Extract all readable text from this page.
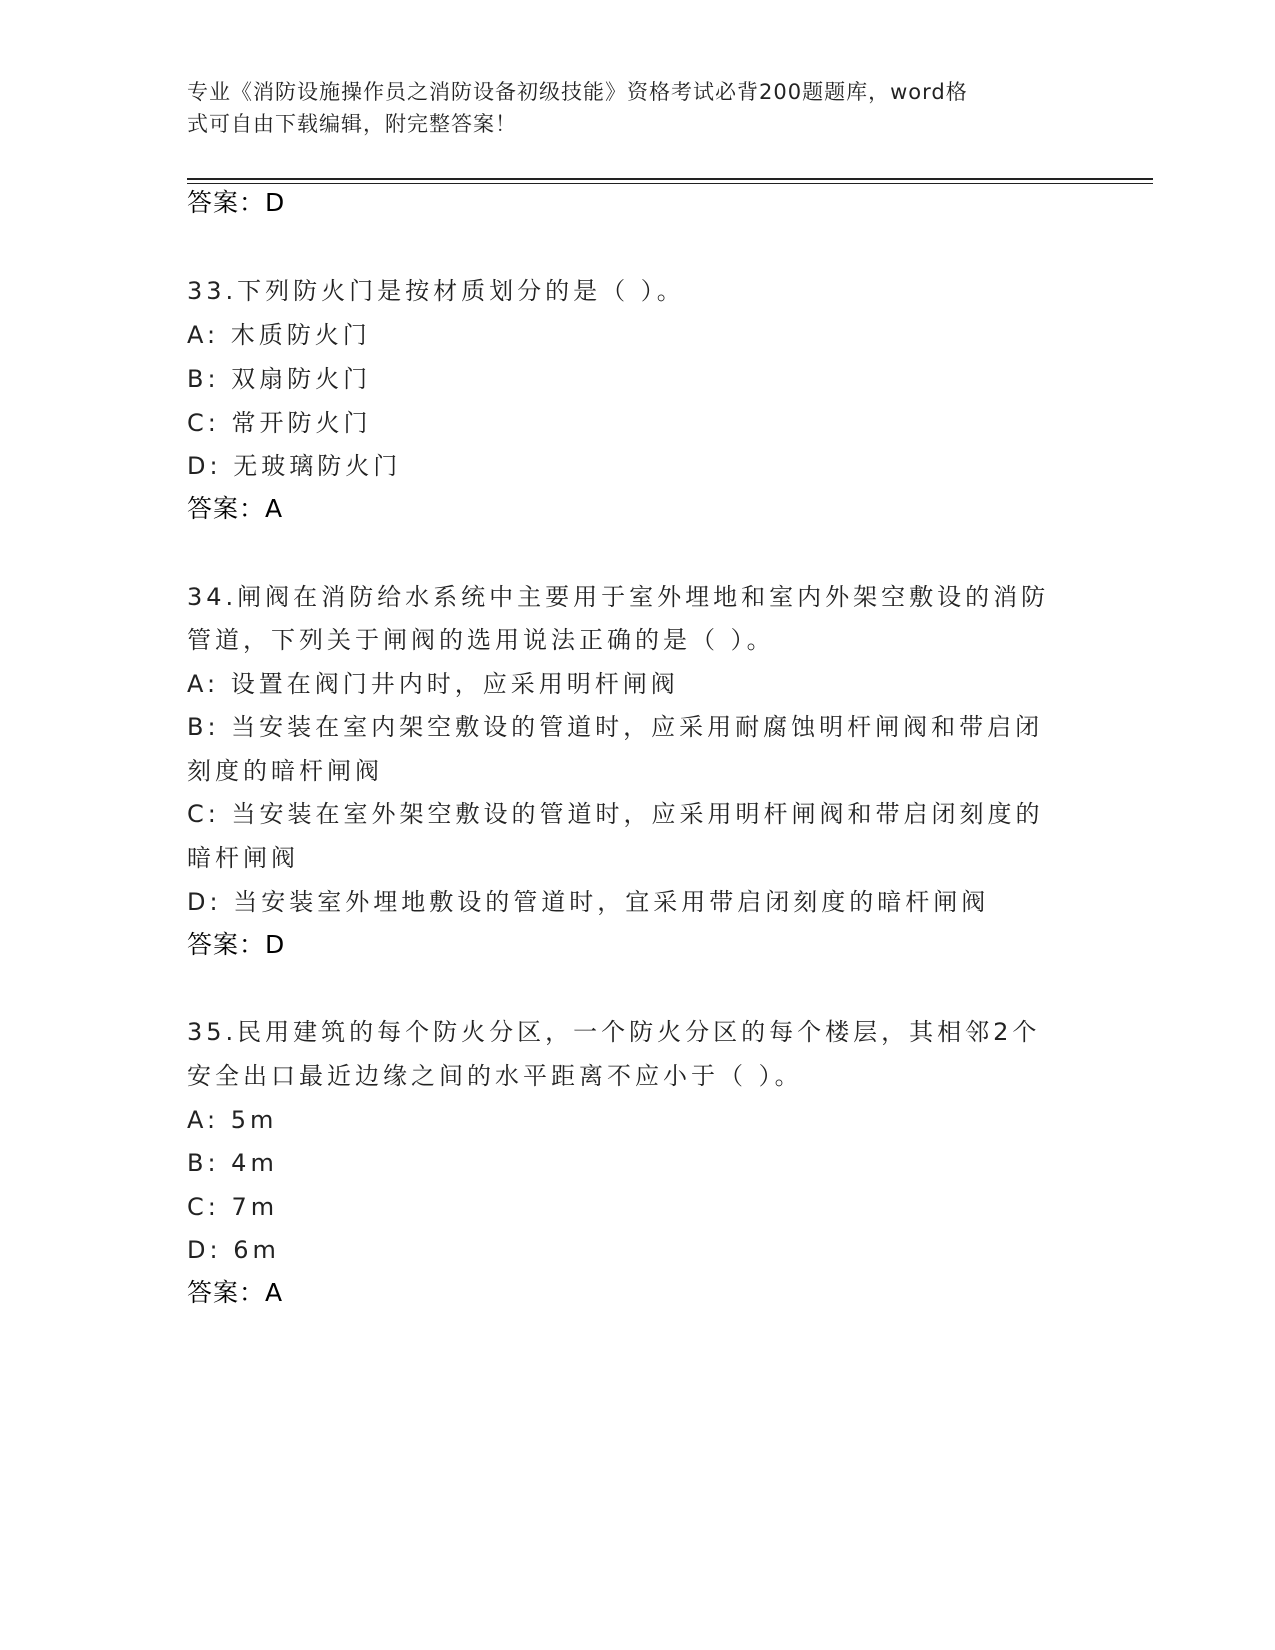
专业《消防设施操作员之消防设备初级技能》资格考试必背200题题库，word格
式可自由下载编辑，附完整答案！
答案：D
33.下列防火门是按材质划分的是（ ）。
A: 木质防火门
B: 双扇防火门
C: 常开防火门
D: 无玻璃防火门
答案：A
34.闸阀在消防给水系统中主要用于室外埋地和室内外架空敷设的消防
管道，下列关于闸阀的选用说法正确的是（ ）。
A: 设置在阀门井内时，应采用明杆闸阀
B: 当安装在室内架空敷设的管道时，应采用耐腐蚀明杆闸阀和带启闭
刻度的暗杆闸阀
C: 当安装在室外架空敷设的管道时，应采用明杆闸阀和带启闭刻度的
暗杆闸阀
D: 当安装室外埋地敷设的管道时，宜采用带启闭刻度的暗杆闸阀
答案：D
35.民用建筑的每个防火分区，一个防火分区的每个楼层，其相邻2个
安全出口最近边缘之间的水平距离不应小于（ ）。
A: 5m
B: 4m
C: 7m
D: 6m
答案：A
